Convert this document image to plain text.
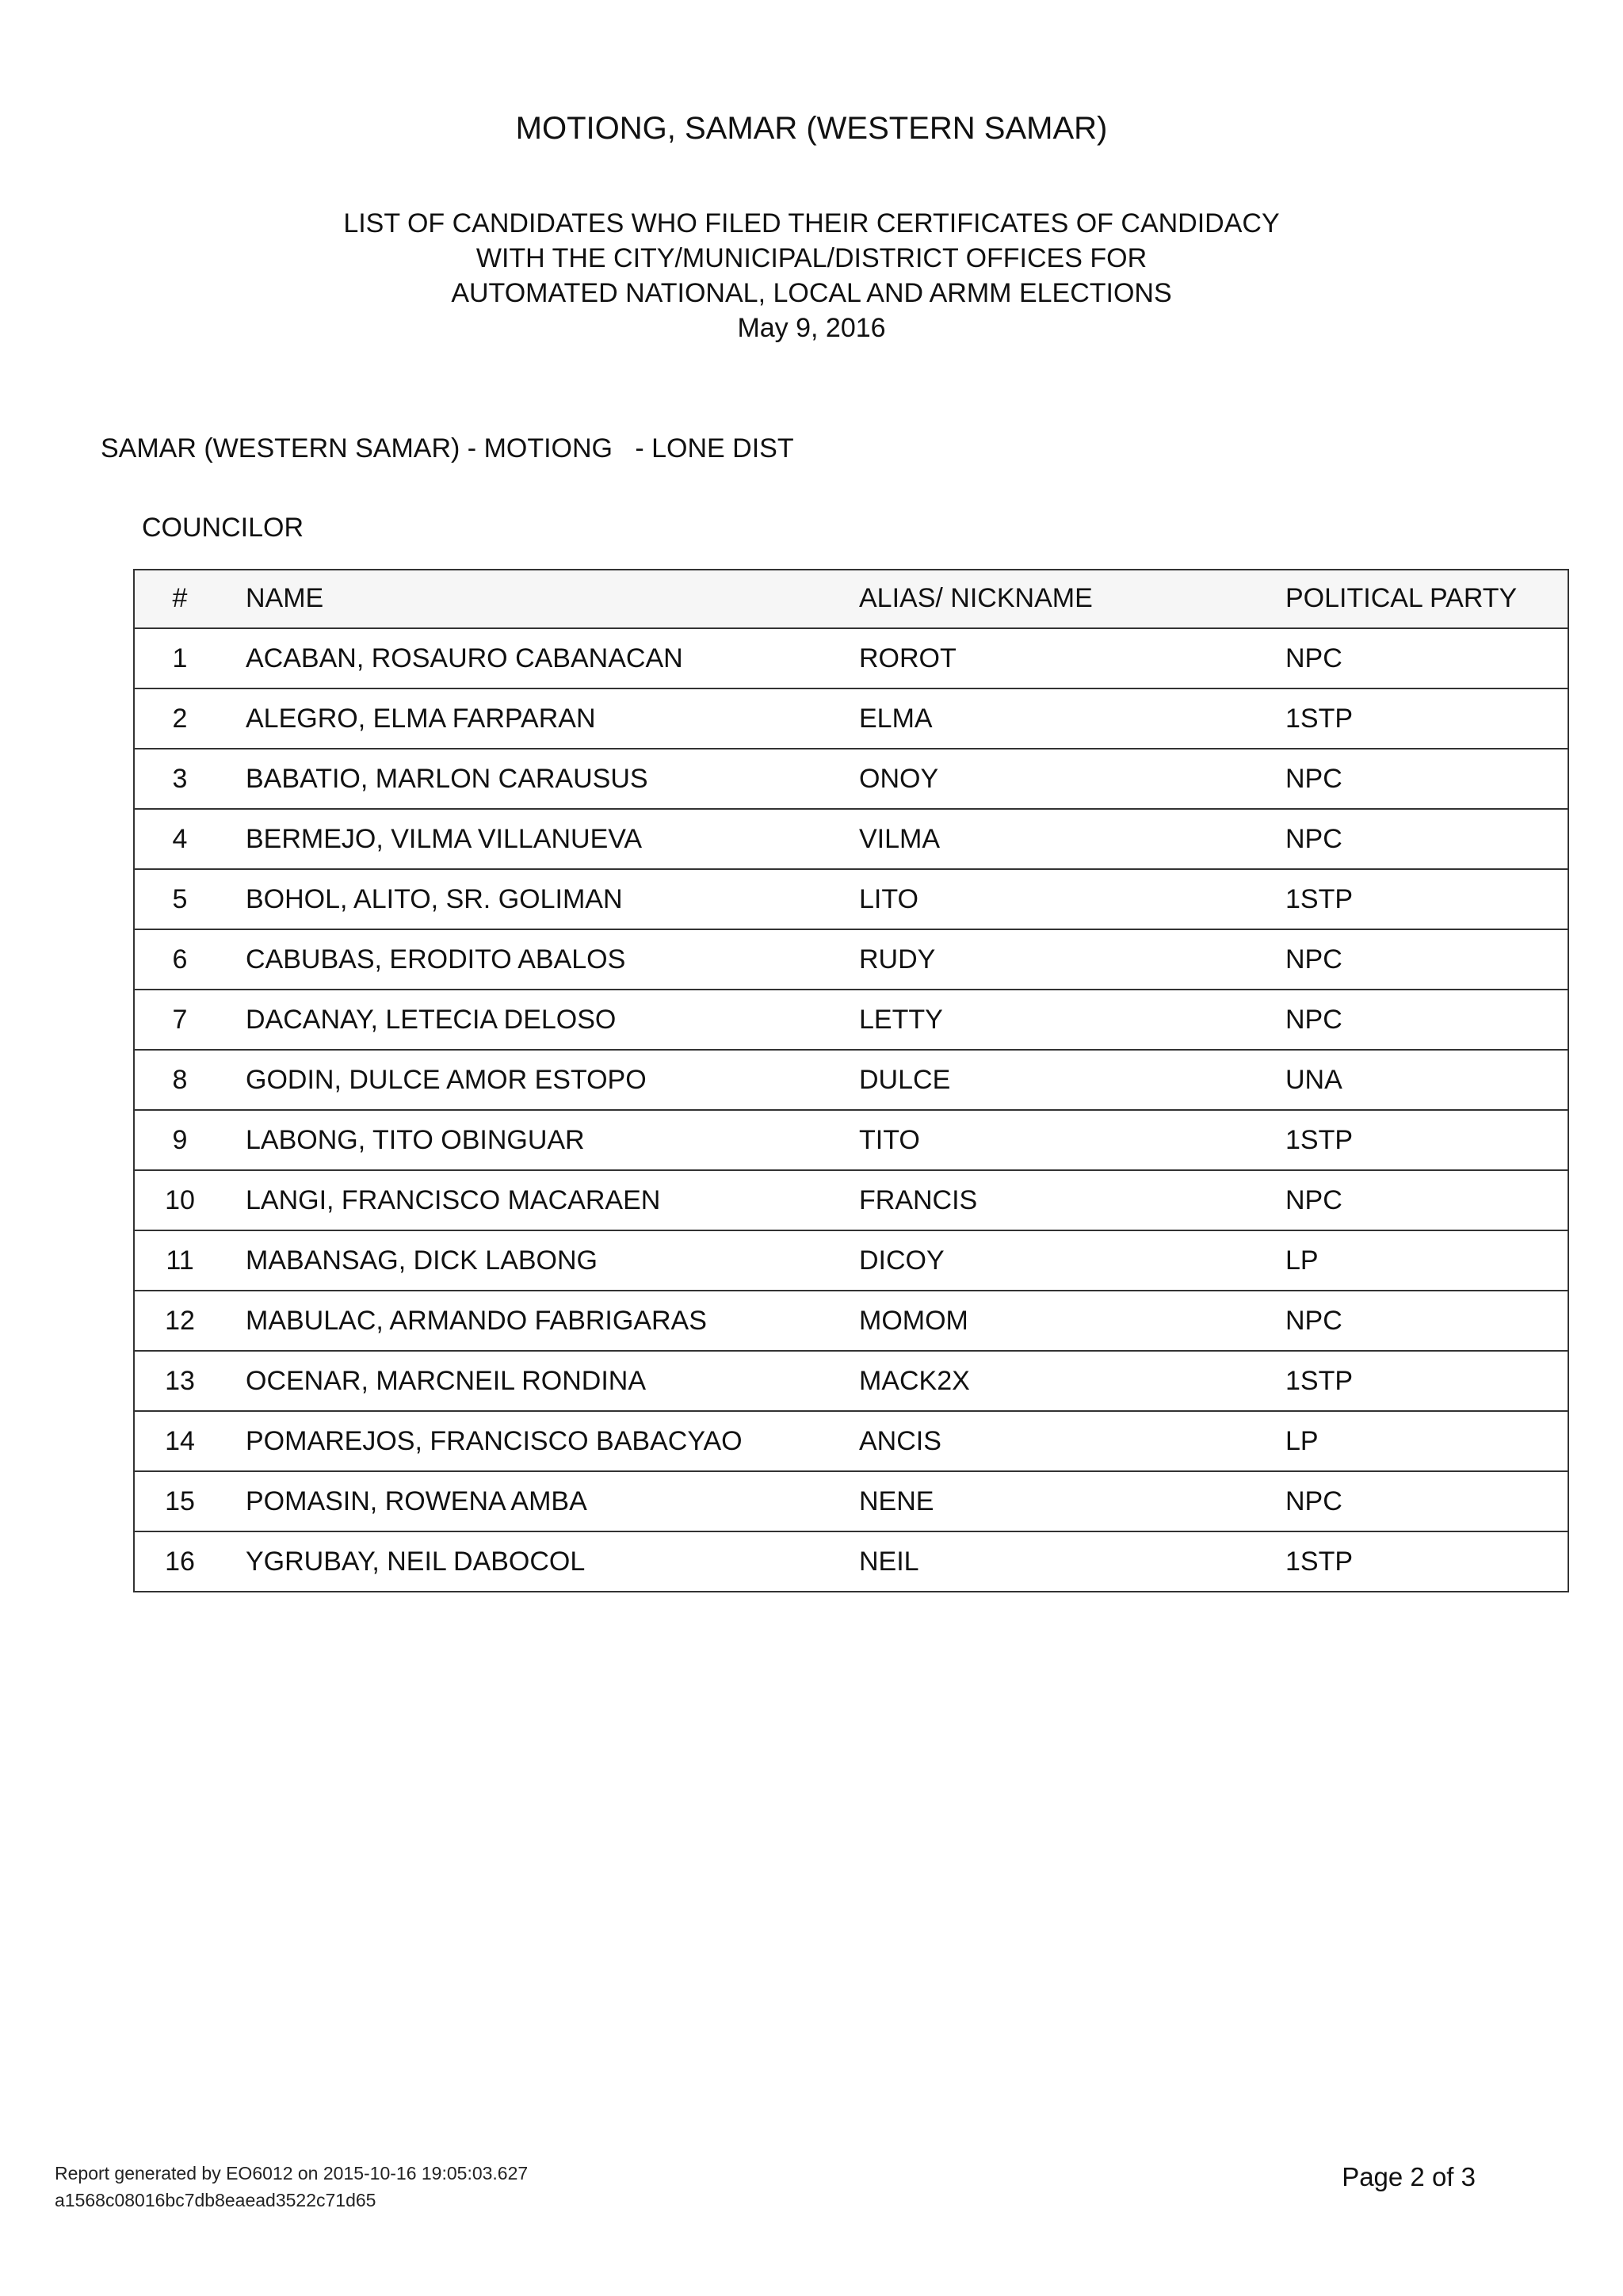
MOTIONG, SAMAR (WESTERN SAMAR)
LIST OF CANDIDATES WHO FILED THEIR CERTIFICATES OF CANDIDACY
WITH THE CITY/MUNICIPAL/DISTRICT OFFICES FOR
AUTOMATED NATIONAL, LOCAL AND ARMM ELECTIONS
May 9, 2016
SAMAR (WESTERN SAMAR) - MOTIONG   - LONE DIST
COUNCILOR
#	NAME	ALIAS/ NICKNAME	POLITICAL PARTY
1	ACABAN, ROSAURO CABANACAN	ROROT	NPC
2	ALEGRO, ELMA FARPARAN	ELMA	1STP
3	BABATIO, MARLON CARAUSUS	ONOY	NPC
4	BERMEJO, VILMA VILLANUEVA	VILMA	NPC
5	BOHOL, ALITO, SR. GOLIMAN	LITO	1STP
6	CABUBAS, ERODITO ABALOS	RUDY	NPC
7	DACANAY, LETECIA DELOSO	LETTY	NPC
8	GODIN, DULCE AMOR ESTOPO	DULCE	UNA
9	LABONG, TITO OBINGUAR	TITO	1STP
10	LANGI, FRANCISCO MACARAEN	FRANCIS	NPC
11	MABANSAG, DICK LABONG	DICOY	LP
12	MABULAC, ARMANDO FABRIGARAS	MOMOM	NPC
13	OCENAR, MARCNEIL RONDINA	MACK2X	1STP
14	POMAREJOS, FRANCISCO BABACYAO	ANCIS	LP
15	POMASIN, ROWENA AMBA	NENE	NPC
16	YGRUBAY, NEIL DABOCOL	NEIL	1STP
Report generated by EO6012 on 2015-10-16 19:05:03.627
a1568c08016bc7db8eaead3522c71d65
Page 2 of 3
